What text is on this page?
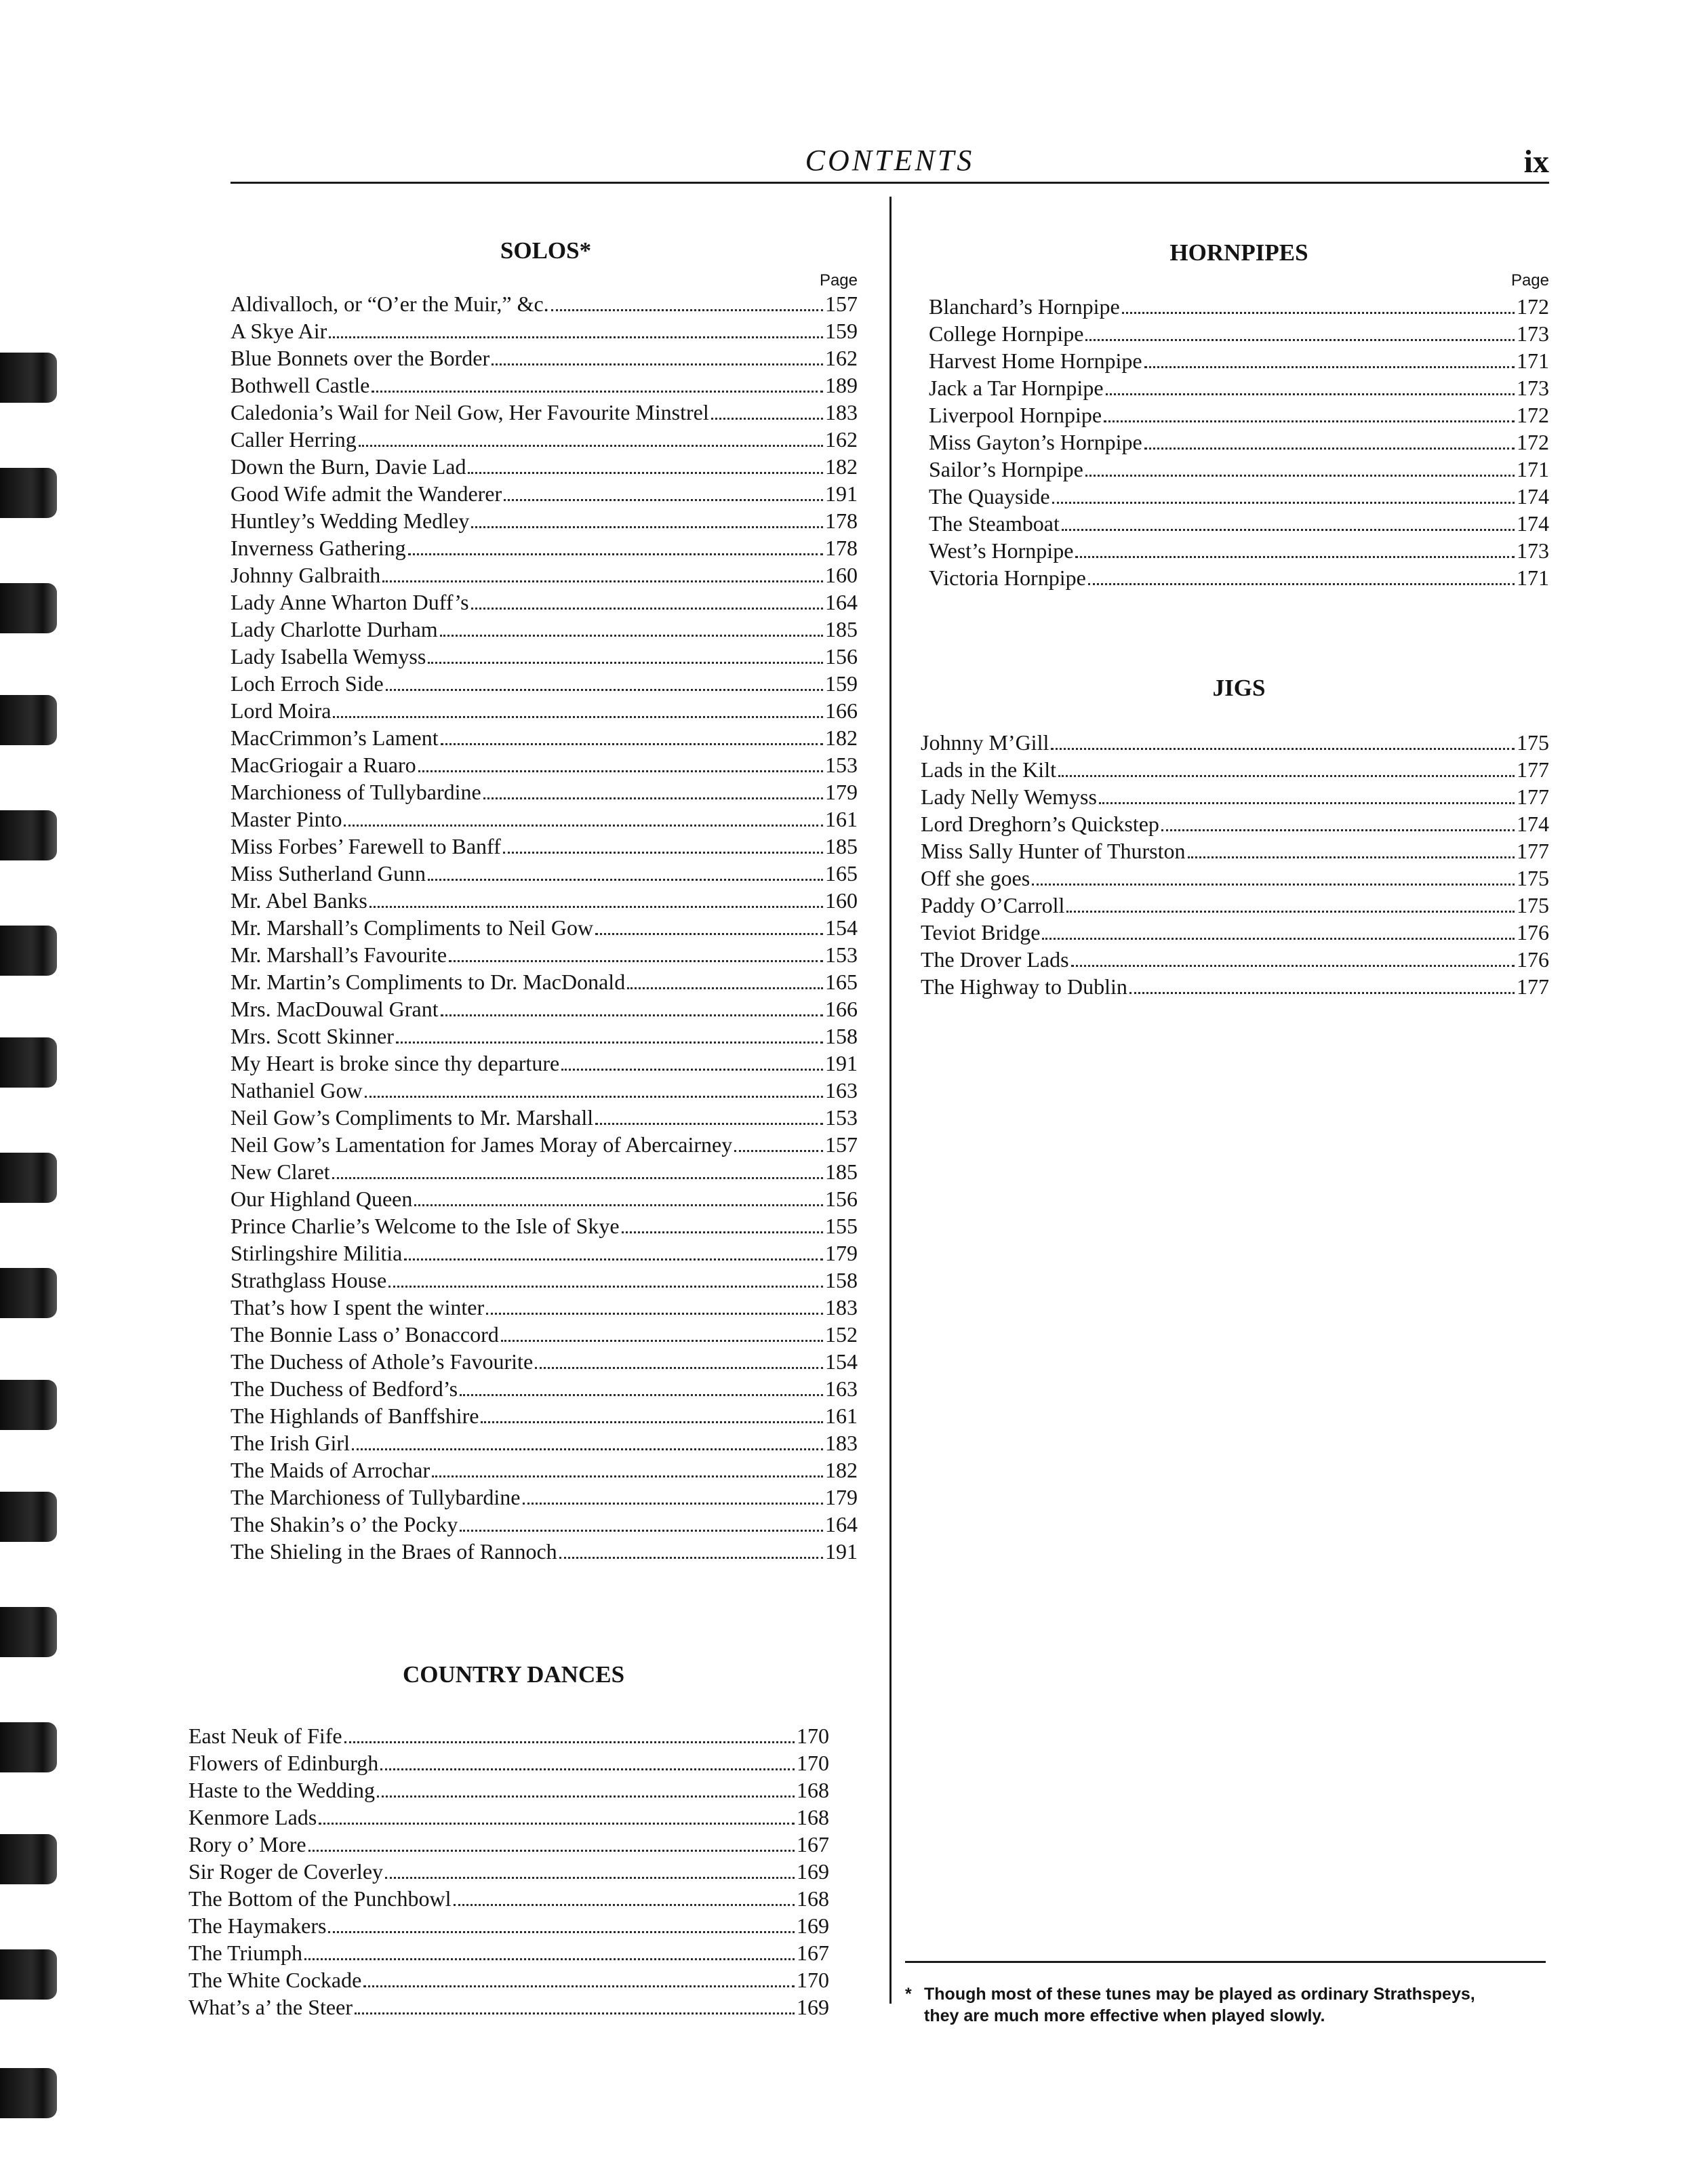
CONTENTS	ix
SOLOS*
Page
Aldivalloch, or “O’er the Muir,” &c.	157
A Skye Air	159
Blue Bonnets over the Border	162
Bothwell Castle	189
Caledonia’s Wail for Neil Gow, Her Favourite Minstrel	183
Caller Herring	162
Down the Burn, Davie Lad	182
Good Wife admit the Wanderer	191
Huntley’s Wedding Medley	178
Inverness Gathering	178
Johnny Galbraith	160
Lady Anne Wharton Duff’s	164
Lady Charlotte Durham	185
Lady Isabella Wemyss	156
Loch Erroch Side	159
Lord Moira	166
MacCrimmon’s Lament	182
MacGriogair a Ruaro	153
Marchioness of Tullybardine	179
Master Pinto	161
Miss Forbes’ Farewell to Banff	185
Miss Sutherland Gunn	165
Mr. Abel Banks	160
Mr. Marshall’s Compliments to Neil Gow	154
Mr. Marshall’s Favourite	153
Mr. Martin’s Compliments to Dr. MacDonald	165
Mrs. MacDouwal Grant	166
Mrs. Scott Skinner	158
My Heart is broke since thy departure	191
Nathaniel Gow	163
Neil Gow’s Compliments to Mr. Marshall	153
Neil Gow’s Lamentation for James Moray of Abercairney	157
New Claret	185
Our Highland Queen	156
Prince Charlie’s Welcome to the Isle of Skye	155
Stirlingshire Militia	179
Strathglass House	158
That’s how I spent the winter	183
The Bonnie Lass o’ Bonaccord	152
The Duchess of Athole’s Favourite	154
The Duchess of Bedford’s	163
The Highlands of Banffshire	161
The Irish Girl	183
The Maids of Arrochar	182
The Marchioness of Tullybardine	179
The Shakin’s o’ the Pocky	164
The Shieling in the Braes of Rannoch	191
COUNTRY DANCES
East Neuk of Fife	170
Flowers of Edinburgh	170
Haste to the Wedding	168
Kenmore Lads	168
Rory o’ More	167
Sir Roger de Coverley	169
The Bottom of the Punchbowl	168
The Haymakers	169
The Triumph	167
The White Cockade	170
What’s a’ the Steer	169
HORNPIPES
Page
Blanchard’s Hornpipe	172
College Hornpipe	173
Harvest Home Hornpipe	171
Jack a Tar Hornpipe	173
Liverpool Hornpipe	172
Miss Gayton’s Hornpipe	172
Sailor’s Hornpipe	171
The Quayside	174
The Steamboat	174
West’s Hornpipe	173
Victoria Hornpipe	171
JIGS
Johnny M’Gill	175
Lads in the Kilt	177
Lady Nelly Wemyss	177
Lord Dreghorn’s Quickstep	174
Miss Sally Hunter of Thurston	177
Off she goes	175
Paddy O’Carroll	175
Teviot Bridge	176
The Drover Lads	176
The Highway to Dublin	177
* Though most of these tunes may be played as ordinary Strathspeys,
they are much more effective when played slowly.
